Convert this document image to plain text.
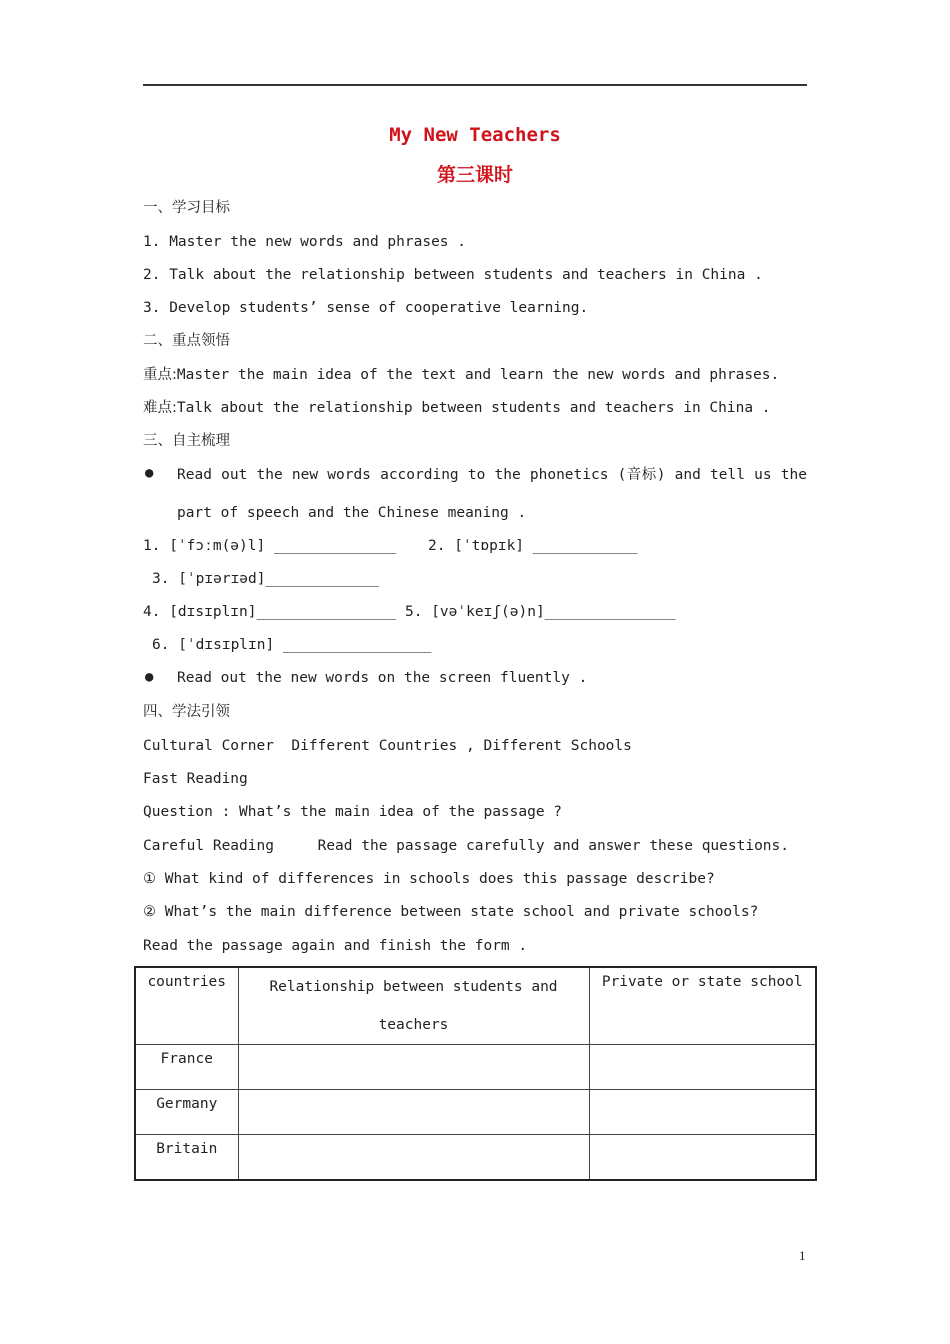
My New Teachers
第三课时
一、学习目标
1. Master the new words and phrases .
2. Talk about the relationship between students and teachers in China .
3. Develop students’ sense of cooperative learning.
二、重点领悟
重点:Master the main idea of the text and learn the new words and phrases.
难点:Talk about the relationship between students and teachers in China .
三、自主梳理
● Read out the new words according to the phonetics (音标) and tell us the
part of speech and the Chinese meaning .
1. [ˈfɔːm(ə)l] ______________ 2. [ˈtɒpɪk] ____________
3. [ˈpɪərɪəd]_____________
4. [dɪsɪplɪn]________________ 5. [vəˈkeɪʃ(ə)n]_______________
6. [ˈdɪsɪplɪn] _________________
● Read out the new words on the screen fluently .
四、学法引领
Cultural Corner  Different Countries , Different Schools
Fast Reading
Question : What’s the main idea of the passage ?
Careful Reading     Read the passage carefully and answer these questions.
① What kind of differences in schools does this passage describe?
② What’s the main difference between state school and private schools?
Read the passage again and finish the form .
countries	Relationship between students and teachers	Private or state school
France		
Germany		
Britain		
1
